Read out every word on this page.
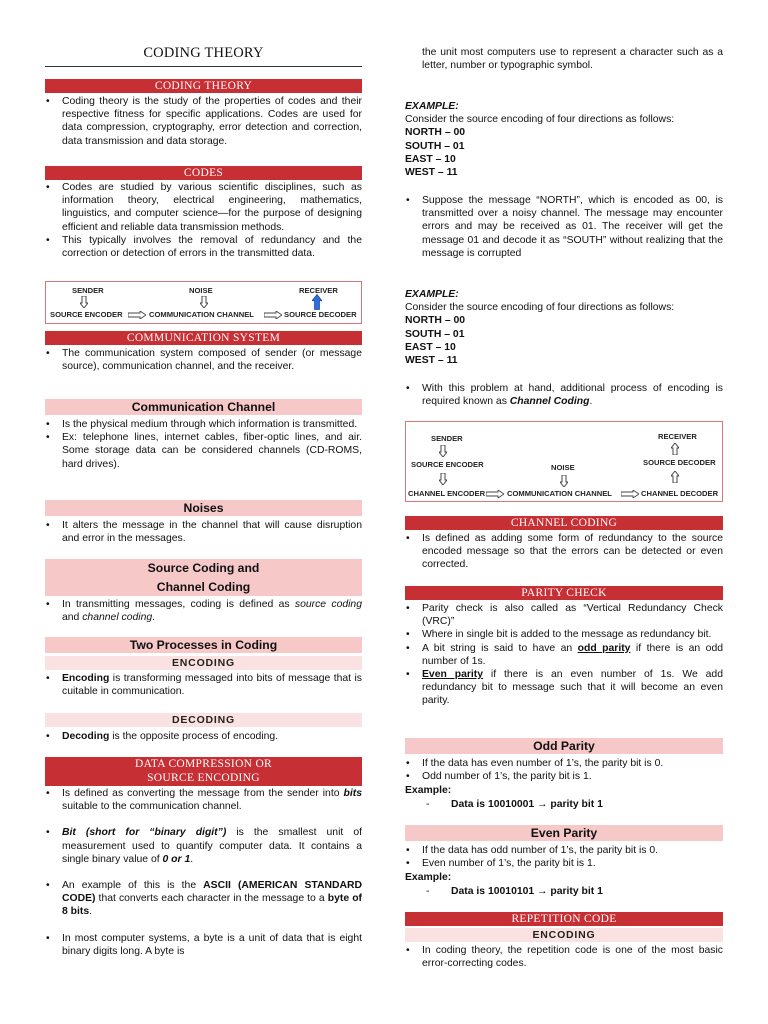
CODING THEORY
CODING THEORY
• Coding theory is the study of the properties of codes and their respective fitness for specific applications. Codes are used for data compression, cryptography, error detection and correction, data transmission and data storage.
CODES
• Codes are studied by various scientific disciplines, such as information theory, electrical engineering, mathematics, linguistics, and computer science—for the purpose of designing efficient and reliable data transmission methods.
• This typically involves the removal of redundancy and the correction or detection of errors in the transmitted data.
SENDER	NOISE	RECEIVER
SOURCE ENCODER	COMMUNICATION CHANNEL	SOURCE DECODER
COMMUNICATION SYSTEM
• The communication system composed of sender (or message source), communication channel, and the receiver.
Communication Channel
• Is the physical medium through which information is transmitted.
• Ex: telephone lines, internet cables, fiber-optic lines, and air. Some storage data can be considered channels (CD-ROMS, hard drives).
Noises
• It alters the message in the channel that will cause disruption and error in the messages.
Source Coding and
Channel Coding
• In transmitting messages, coding is defined as source coding and channel coding.
Two Processes in Coding
ENCODING
• Encoding is transforming messaged into bits of message that is cuitable in communication.
DECODING
• Decoding is the opposite process of encoding.
DATA COMPRESSION OR
SOURCE ENCODING
• Is defined as converting the message from the sender into bits suitable to the communication channel.
• Bit (short for “binary digit”) is the smallest unit of measurement used to quantify computer data. It contains a single binary value of 0 or 1.
• An example of this is the ASCII (AMERICAN STANDARD CODE) that converts each character in the message to a byte of 8 bits.
• In most computer systems, a byte is a unit of data that is eight binary digits long. A byte is
the unit most computers use to represent a character such as a letter, number or typographic symbol.
EXAMPLE:
Consider the source encoding of four directions as follows:
NORTH – 00
SOUTH – 01
EAST – 10
WEST – 11
• Suppose the message “NORTH”, which is encoded as 00, is transmitted over a noisy channel. The message may encounter errors and may be received as 01. The receiver will get the message 01 and decode it as “SOUTH” without realizing that the message is corrupted
EXAMPLE:
Consider the source encoding of four directions as follows:
NORTH – 00
SOUTH – 01
EAST – 10
WEST – 11
• With this problem at hand, additional process of encoding is required known as Channel Coding.
SENDER	RECEIVER
SOURCE ENCODER	NOISE
SOURCE DECODER
CHANNEL ENCODER	COMMUNICATION CHANNEL	CHANNEL DECODER
CHANNEL CODING
• Is defined as adding some form of redundancy to the source encoded message so that the errors can be detected or even corrected.
PARITY CHECK
• Parity check is also called as “Vertical Redundancy Check (VRC)”
• Where in single bit is added to the message as redundancy bit.
• A bit string is said to have an odd parity if there is an odd number of 1s.
• Even parity if there is an even number of 1s. We add redundancy bit to message such that it will become an even parity.
Odd Parity
• If the data has even number of 1’s, the parity bit is 0.
• Odd number of 1’s, the parity bit is 1.
Example:
- Data is 10010001 → parity bit 1
Even Parity
• If the data has odd number of 1’s, the parity bit is 0.
• Even number of 1’s, the parity bit is 1.
Example:
- Data is 10010101 → parity bit 1
REPETITION CODE
ENCODING
• In coding theory, the repetition code is one of the most basic error-correcting codes.
